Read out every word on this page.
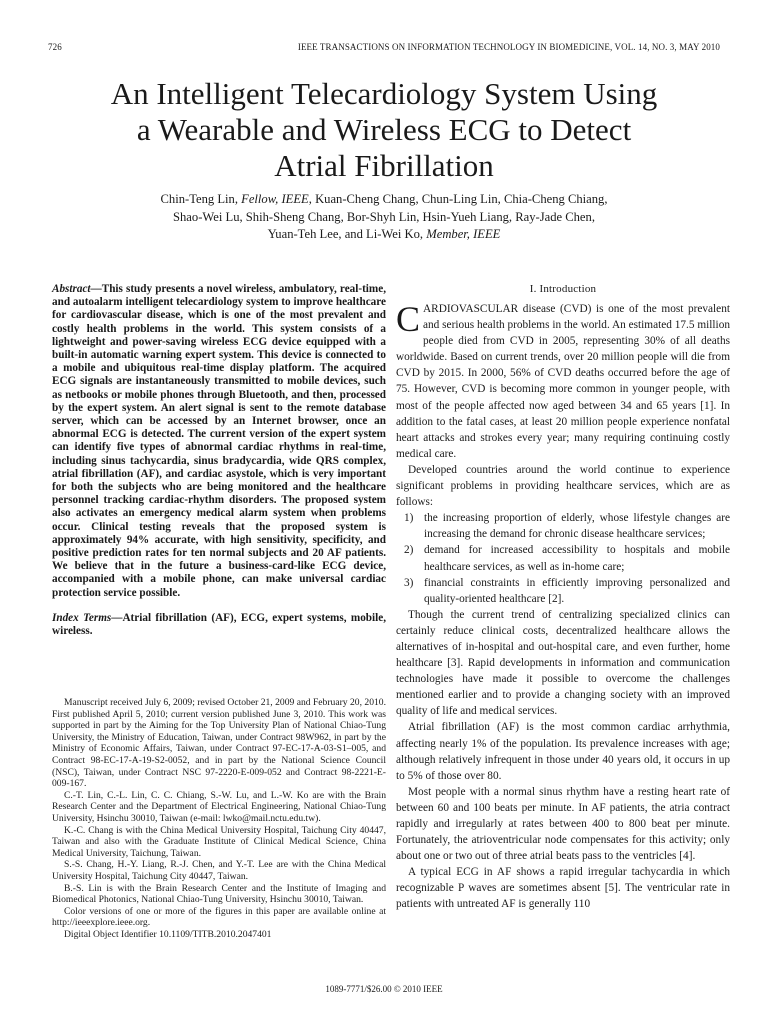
726	IEEE TRANSACTIONS ON INFORMATION TECHNOLOGY IN BIOMEDICINE, VOL. 14, NO. 3, MAY 2010
An Intelligent Telecardiology System Using
a Wearable and Wireless ECG to Detect
Atrial Fibrillation
Chin-Teng Lin, Fellow, IEEE, Kuan-Cheng Chang, Chun-Ling Lin, Chia-Cheng Chiang,
Shao-Wei Lu, Shih-Sheng Chang, Bor-Shyh Lin, Hsin-Yueh Liang, Ray-Jade Chen,
Yuan-Teh Lee, and Li-Wei Ko, Member, IEEE

Abstract—This study presents a novel wireless, ambulatory, real-time, and autoalarm intelligent telecardiology system to improve healthcare for cardiovascular disease, which is one of the most prevalent and costly health problems in the world. This system consists of a lightweight and power-saving wireless ECG device equipped with a built-in automatic warning expert system. This device is connected to a mobile and ubiquitous real-time display platform. The acquired ECG signals are instantaneously transmitted to mobile devices, such as netbooks or mobile phones through Bluetooth, and then, processed by the expert system. An alert signal is sent to the remote database server, which can be accessed by an Internet browser, once an abnormal ECG is detected. The current version of the expert system can identify five types of abnormal cardiac rhythms in real-time, including sinus tachycardia, sinus bradycardia, wide QRS complex, atrial fibrillation (AF), and cardiac asystole, which is very important for both the subjects who are being monitored and the healthcare personnel tracking cardiac-rhythm disorders. The proposed system also activates an emergency medical alarm system when problems occur. Clinical testing reveals that the proposed system is approximately 94% accurate, with high sensitivity, specificity, and positive prediction rates for ten normal subjects and 20 AF patients. We believe that in the future a business-card-like ECG device, accompanied with a mobile phone, can make universal cardiac protection service possible.

Index Terms—Atrial fibrillation (AF), ECG, expert systems, mobile, wireless.

Manuscript received July 6, 2009; revised October 21, 2009 and February 20, 2010. First published April 5, 2010; current version published June 3, 2010. This work was supported in part by the Aiming for the Top University Plan of National Chiao-Tung University, the Ministry of Education, Taiwan, under Contract 98W962, in part by the Ministry of Economic Affairs, Taiwan, under Contract 97-EC-17-A-03-S1–005, and Contract 98-EC-17-A-19-S2-0052, and in part by the National Science Council (NSC), Taiwan, under Contract NSC 97-2220-E-009-052 and Contract 98-2221-E-009-167.

C.-T. Lin, C.-L. Lin, C. C. Chiang, S.-W. Lu, and L.-W. Ko are with the Brain Research Center and the Department of Electrical Engineering, National Chiao-Tung University, Hsinchu 30010, Taiwan (e-mail: lwko@mail.nctu.edu.tw).

K.-C. Chang is with the China Medical University Hospital, Taichung City 40447, Taiwan and also with the Graduate Institute of Clinical Medical Science, China Medical University, Taichung, Taiwan.

S.-S. Chang, H.-Y. Liang, R.-J. Chen, and Y.-T. Lee are with the China Medical University Hospital, Taichung City 40447, Taiwan.

B.-S. Lin is with the Brain Research Center and the Institute of Imaging and Biomedical Photonics, National Chiao-Tung University, Hsinchu 30010, Taiwan.

Color versions of one or more of the figures in this paper are available online at http://ieeexplore.ieee.org.

Digital Object Identifier 10.1109/TITB.2010.2047401

I. Introduction

CARDIOVASCULAR disease (CVD) is one of the most prevalent and serious health problems in the world. An estimated 17.5 million people died from CVD in 2005, representing 30% of all deaths worldwide. Based on current trends, over 20 million people will die from CVD by 2015. In 2000, 56% of CVD deaths occurred before the age of 75. However, CVD is becoming more common in younger people, with most of the people affected now aged between 34 and 65 years [1]. In addition to the fatal cases, at least 20 million people experience nonfatal heart attacks and strokes every year; many requiring continuing costly medical care.

Developed countries around the world continue to experience significant problems in providing healthcare services, which are as follows:

1) the increasing proportion of elderly, whose lifestyle changes are increasing the demand for chronic disease healthcare services;
2) demand for increased accessibility to hospitals and mobile healthcare services, as well as in-home care;
3) financial constraints in efficiently improving personalized and quality-oriented healthcare [2].

Though the current trend of centralizing specialized clinics can certainly reduce clinical costs, decentralized healthcare allows the alternatives of in-hospital and out-hospital care, and even further, home healthcare [3]. Rapid developments in information and communication technologies have made it possible to overcome the challenges mentioned earlier and to provide a changing society with an improved quality of life and medical services.

Atrial fibrillation (AF) is the most common cardiac arrhythmia, affecting nearly 1% of the population. Its prevalence increases with age; although relatively infrequent in those under 40 years old, it occurs in up to 5% of those over 80.

Most people with a normal sinus rhythm have a resting heart rate of between 60 and 100 beats per minute. In AF patients, the atria contract rapidly and irregularly at rates between 400 to 800 beat per minute. Fortunately, the atrioventricular node compensates for this activity; only about one or two out of three atrial beats pass to the ventricles [4].

A typical ECG in AF shows a rapid irregular tachycardia in which recognizable P waves are sometimes absent [5]. The ventricular rate in patients with untreated AF is generally 110

1089-7771/$26.00 © 2010 IEEE
